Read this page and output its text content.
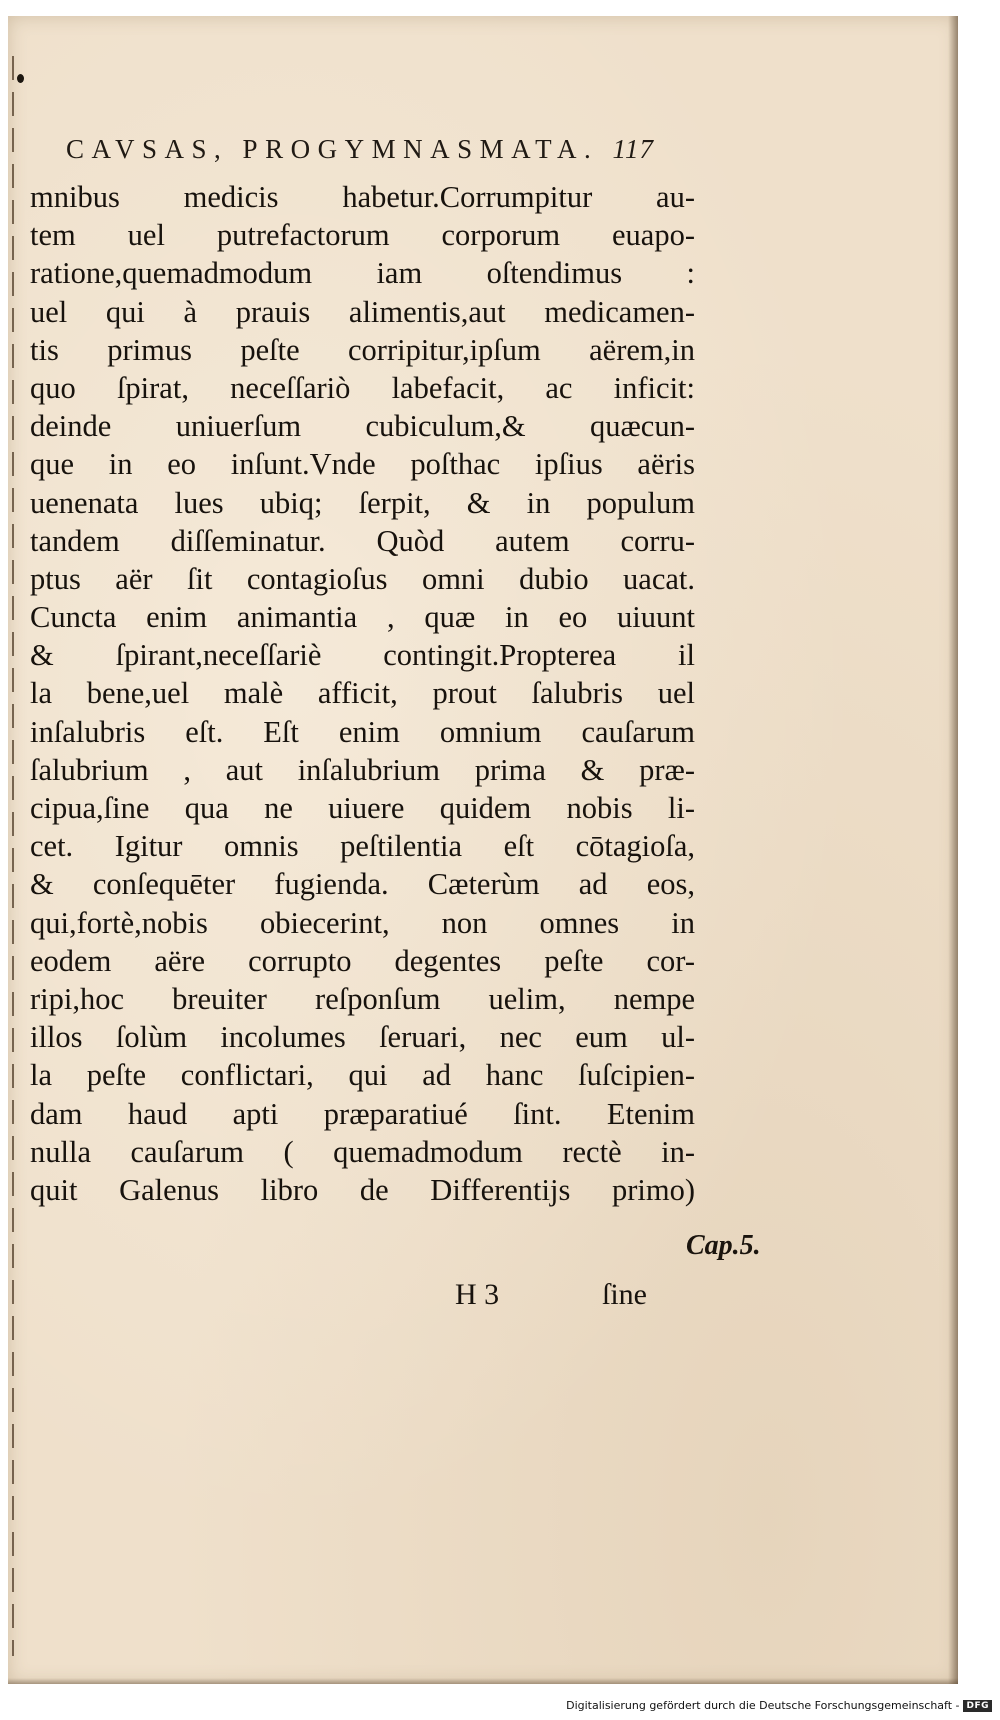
CAVSAS, PROGYMNASMATA. 117
mnibus medicis habetur.Corrumpitur au-
tem uel putrefactorum corporum euapo-
ratione,quemadmodum iam oſtendimus :
uel qui à prauis alimentis,aut medicamen-
tis primus peſte corripitur,ipſum aërem,in
quo ſpirat, neceſſariò labefacit, ac inficit:
deinde uniuerſum cubiculum,& quæcun-
que in eo inſunt.Vnde poſthac ipſius aëris
uenenata lues ubiq; ſerpit, & in populum
tandem diſſeminatur. Quòd autem corru-
ptus aër ſit contagioſus omni dubio uacat.
Cuncta enim animantia , quæ in eo uiuunt
& ſpirant,neceſſariè contingit.Propterea il
la bene,uel malè afficit, prout ſalubris uel
inſalubris eſt. Eſt enim omnium cauſarum
ſalubrium , aut inſalubrium prima & præ-
cipua,ſine qua ne uiuere quidem nobis li-
cet. Igitur omnis peſtilentia eſt cōtagioſa,
& conſequēter fugienda. Cæterùm ad eos,
qui,fortè,nobis obiecerint, non omnes in
eodem aëre corrupto degentes peſte cor-
ripi,hoc breuiter reſponſum uelim, nempe
illos ſolùm incolumes ſeruari, nec eum ul-
la peſte conflictari, qui ad hanc ſuſcipien-
dam haud apti præparatiué ſint. Etenim
nulla cauſarum ( quemadmodum rectè in-
quit Galenus libro de Differentijs primo)
Cap.5.
H 3	ſine
Digitalisierung gefördert durch die Deutsche Forschungsgemeinschaft - DFG
